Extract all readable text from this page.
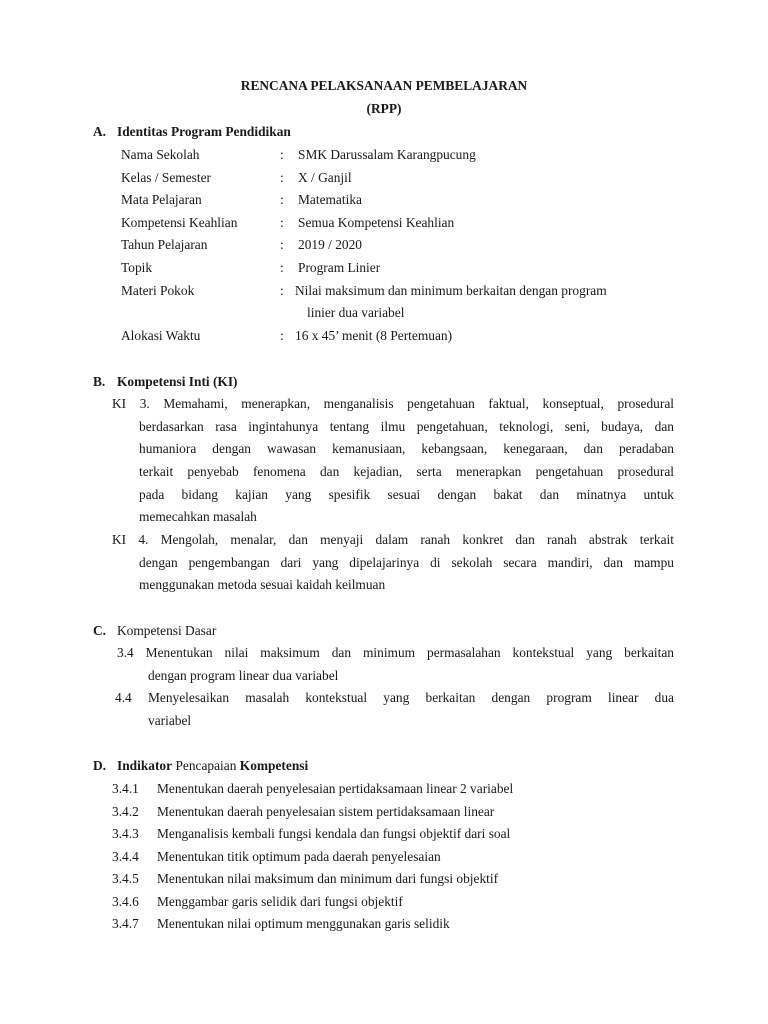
RENCANA PELAKSANAAN PEMBELAJARAN
(RPP)
A. Identitas Program Pendidikan
Nama Sekolah	: SMK Darussalam Karangpucung
Kelas / Semester	: X / Ganjil
Mata Pelajaran	: Matematika
Kompetensi Keahlian	: Semua Kompetensi Keahlian
Tahun Pelajaran	: 2019 / 2020
Topik	: Program Linier
Materi Pokok	: Nilai maksimum dan minimum berkaitan dengan program
linier dua variabel
Alokasi Waktu	: 16 x 45’ menit (8 Pertemuan)
B. Kompetensi Inti (KI)
KI 3. Memahami, menerapkan, menganalisis pengetahuan faktual, konseptual, prosedural
berdasarkan rasa ingintahunya tentang ilmu pengetahuan, teknologi, seni, budaya, dan
humaniora dengan wawasan kemanusiaan, kebangsaan, kenegaraan, dan peradaban
terkait penyebab fenomena dan kejadian, serta menerapkan pengetahuan prosedural
pada bidang kajian yang spesifik sesuai dengan bakat dan minatnya untuk
memecahkan masalah
KI 4. Mengolah, menalar, dan menyaji dalam ranah konkret dan ranah abstrak terkait
dengan pengembangan dari yang dipelajarinya di sekolah secara mandiri, dan mampu
menggunakan metoda sesuai kaidah keilmuan
C. Kompetensi Dasar
3.4 Menentukan nilai maksimum dan minimum permasalahan kontekstual yang berkaitan
dengan program linear dua variabel
4.4 Menyelesaikan masalah kontekstual yang berkaitan dengan program linear dua
variabel
D. Indikator Pencapaian Kompetensi
3.4.1 Menentukan daerah penyelesaian pertidaksamaan linear 2 variabel
3.4.2 Menentukan daerah penyelesaian sistem pertidaksamaan linear
3.4.3 Menganalisis kembali fungsi kendala dan fungsi objektif dari soal
3.4.4 Menentukan titik optimum pada daerah penyelesaian
3.4.5 Menentukan nilai maksimum dan minimum dari fungsi objektif
3.4.6 Menggambar garis selidik dari fungsi objektif
3.4.7 Menentukan nilai optimum menggunakan garis selidik
